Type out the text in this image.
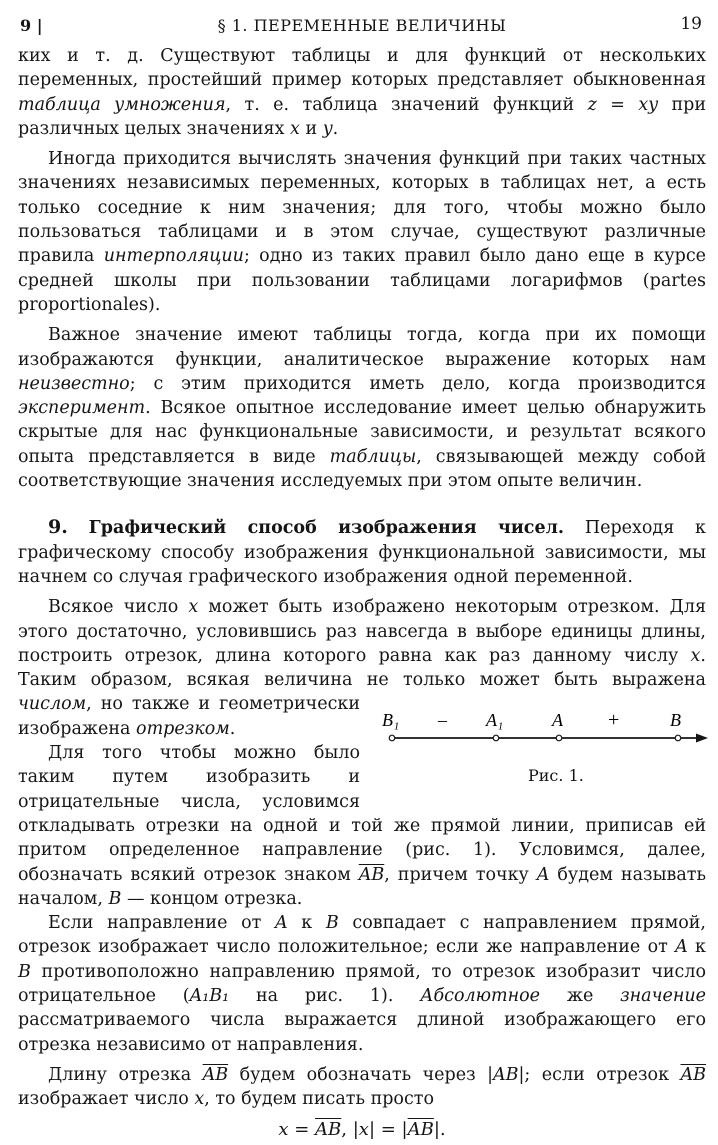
9 |	§ 1. ПЕРЕМЕННЫЕ ВЕЛИЧИНЫ	19

ких и т. д. Существуют таблицы и для функций от нескольких переменных, простейший пример которых представляет обыкновенная таблица умножения, т. е. таблица значений функций z = xy при различных целых значениях x и y.

Иногда приходится вычислять значения функций при таких частных значениях независимых переменных, которых в таблицах нет, а есть только соседние к ним значения; для того, чтобы можно было пользоваться таблицами и в этом случае, существуют различные правила интерполяции; одно из таких правил было дано еще в курсе средней школы при пользовании таблицами логарифмов (partes proportionales).

Важное значение имеют таблицы тогда, когда при их помощи изображаются функции, аналитическое выражение которых нам неизвестно; с этим приходится иметь дело, когда производится эксперимент. Всякое опытное исследование имеет целью обнаружить скрытые для нас функциональные зависимости, и результат всякого опыта представляется в виде таблицы, связывающей между собой соответствующие значения исследуемых при этом опыте величин.

9. Графический способ изображения чисел. Переходя к графическому способу изображения функциональной зависимости, мы начнем со случая графического изображения одной переменной.

Всякое число x может быть изображено некоторым отрезком. Для этого достаточно, условившись раз навсегда в выборе единицы длины, построить отрезок, длина которого равна как раз данному числу x. Таким образом, всякая величина не только может быть выражена
B₁ – A₁	A +	B
Рис. 1.
числом, но также и геометрически изображена отрезком.

Для того чтобы можно было таким путем изобразить и отрицательные числа, условимся откладывать отрезки на одной и той же прямой линии, приписав ей притом определенное направление (рис. 1). Условимся, далее, обозначать всякий отрезок знаком $\overline{AB}$, причем точку A будем называть началом, B — концом отрезка.

Если направление от A к B совпадает с направлением прямой, отрезок изображает число положительное; если же направление от A к B противоположно направлению прямой, то отрезок изобразит число отрицательное (A₁B₁ на рис. 1). Абсолютное же значение рассматриваемого числа выражается длиной изображающего его отрезка независимо от направления.

Длину отрезка $\overline{AB}$ будем обозначать через |AB|; если отрезок $\overline{AB}$ изображает число x, то будем писать просто

$x = \overline{AB}$, $|x| = |\overline{AB}|$.
